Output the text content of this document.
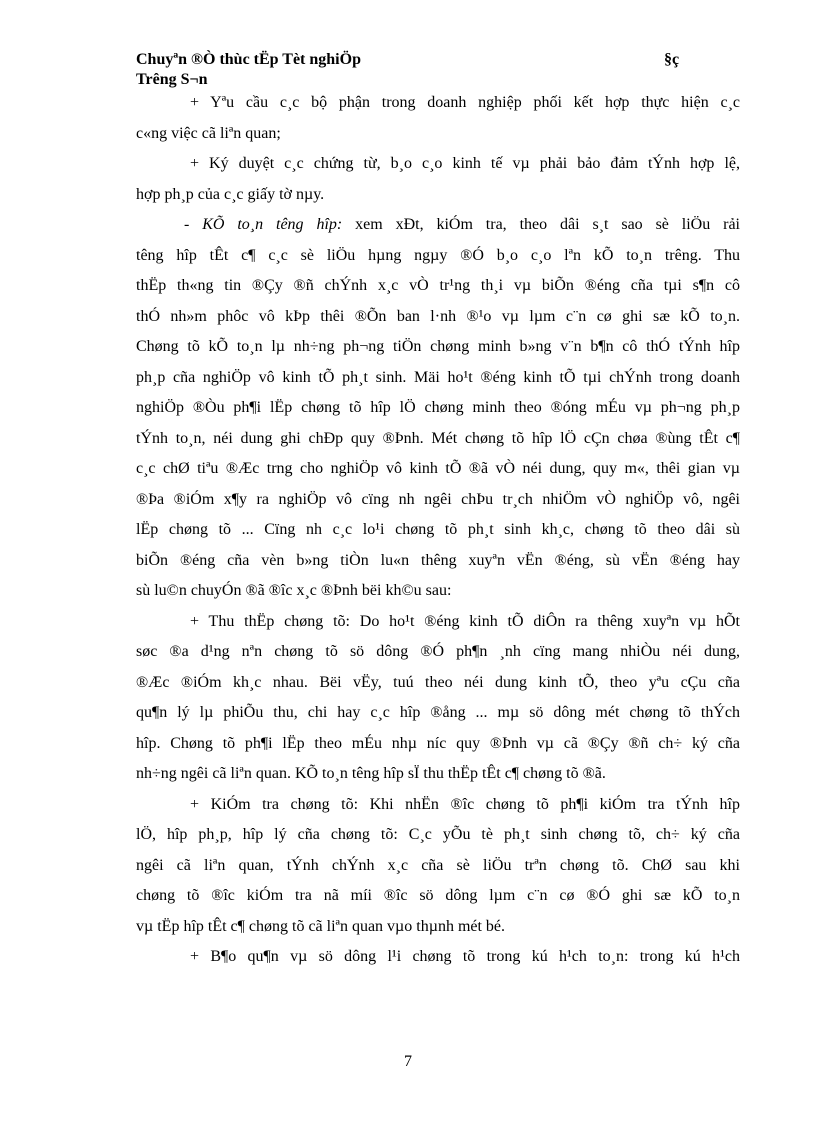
Chuyªn ®Ò thùc tËp Tèt nghiÖp
Trêng S¬n
§ç
+ Yªu cầu c¸c bộ phận trong doanh nghiệp phối kết hợp thực hiện c¸c
c«ng việc cã liªn quan;
+ Ký duyệt c¸c chứng từ, b¸o c¸o kinh tế vµ phải bảo đảm tÝnh hợp lệ,
hợp ph¸p của c¸c giấy tờ nµy.
- KÕ to¸n têng hîp: xem xÐt, kiÓm tra, theo dâi s¸t sao sè liÖu rải
têng hîp tÊt c¶ c¸c sè liÖu hµng ngµy ®Ó b¸o c¸o lªn kÕ to¸n trêng. Thu
thËp th«ng tin ®Çy ®ñ chÝnh x¸c vÒ tr¹ng th¸i vµ biÕn ®éng cña tµi s¶n cô
thÓ nh»m phôc vô kÞp thêi ®Õn ban l·nh ®¹o vµ lµm c¨n cø ghi sæ kÕ to¸n.
Chøng tõ kÕ to¸n lµ nh÷ng ph¬ng tiÖn chøng minh b»ng v¨n b¶n cô thÓ tÝnh hîp
ph¸p cña nghiÖp vô kinh tÕ ph¸t sinh. Mäi ho¹t ®éng kinh tÕ tµi chÝnh trong doanh
nghiÖp ®Òu ph¶i lËp chøng tõ hîp lÖ chøng minh theo ®óng mÉu vµ ph¬ng ph¸p
tÝnh to¸n, néi dung ghi chÐp quy ®Þnh. Mét chøng tõ hîp lÖ cÇn chøa ®ùng tÊt c¶
c¸c chØ tiªu ®Æc trng cho nghiÖp vô kinh tÕ ®ã vÒ néi dung, quy m«, thêi gian vµ
®Þa ®iÓm x¶y ra nghiÖp vô cïng nh ngêi chÞu tr¸ch nhiÖm vÒ nghiÖp vô, ngêi
lËp chøng tõ ... Cïng nh c¸c lo¹i chøng tõ ph¸t sinh kh¸c, chøng tõ theo dâi sù
biÕn ®éng cña vèn b»ng tiÒn lu«n thêng xuyªn vËn ®éng, sù vËn ®éng hay
sù lu©n chuyÓn ®ã ®îc x¸c ®Þnh bëi kh©u sau:
+ Thu thËp chøng tõ: Do ho¹t ®éng kinh tÕ diÔn ra thêng xuyªn vµ hÕt
søc ®a d¹ng nªn chøng tõ sö dông ®Ó ph¶n ¸nh cïng mang nhiÒu néi dung,
®Æc ®iÓm kh¸c nhau. Bëi vËy, tuú theo néi dung kinh tÕ, theo yªu cÇu cña
qu¶n lý lµ phiÕu thu, chi hay c¸c hîp ®ång ... mµ sö dông mét chøng tõ thÝch
hîp. Chøng tõ ph¶i lËp theo mÉu nhµ níc quy ®Þnh vµ cã ®Çy ®ñ ch÷ ký cña
nh÷ng ngêi cã liªn quan. KÕ to¸n têng hîp sÏ thu thËp tÊt c¶ chøng tõ ®ã.
+ KiÓm tra chøng tõ: Khi nhËn ®îc chøng tõ ph¶i kiÓm tra tÝnh hîp
lÖ, hîp ph¸p, hîp lý cña chøng tõ: C¸c yÕu tè ph¸t sinh chøng tõ, ch÷ ký cña
ngêi cã liªn quan, tÝnh chÝnh x¸c cña sè liÖu trªn chøng tõ. ChØ sau khi
chøng tõ ®îc kiÓm tra nã míi ®îc sö dông lµm c¨n cø ®Ó ghi sæ kÕ to¸n
vµ tËp hîp tÊt c¶ chøng tõ cã liªn quan vµo thµnh mét bé.
+ B¶o qu¶n vµ sö dông l¹i chøng tõ trong kú h¹ch to¸n: trong kú h¹ch
7
